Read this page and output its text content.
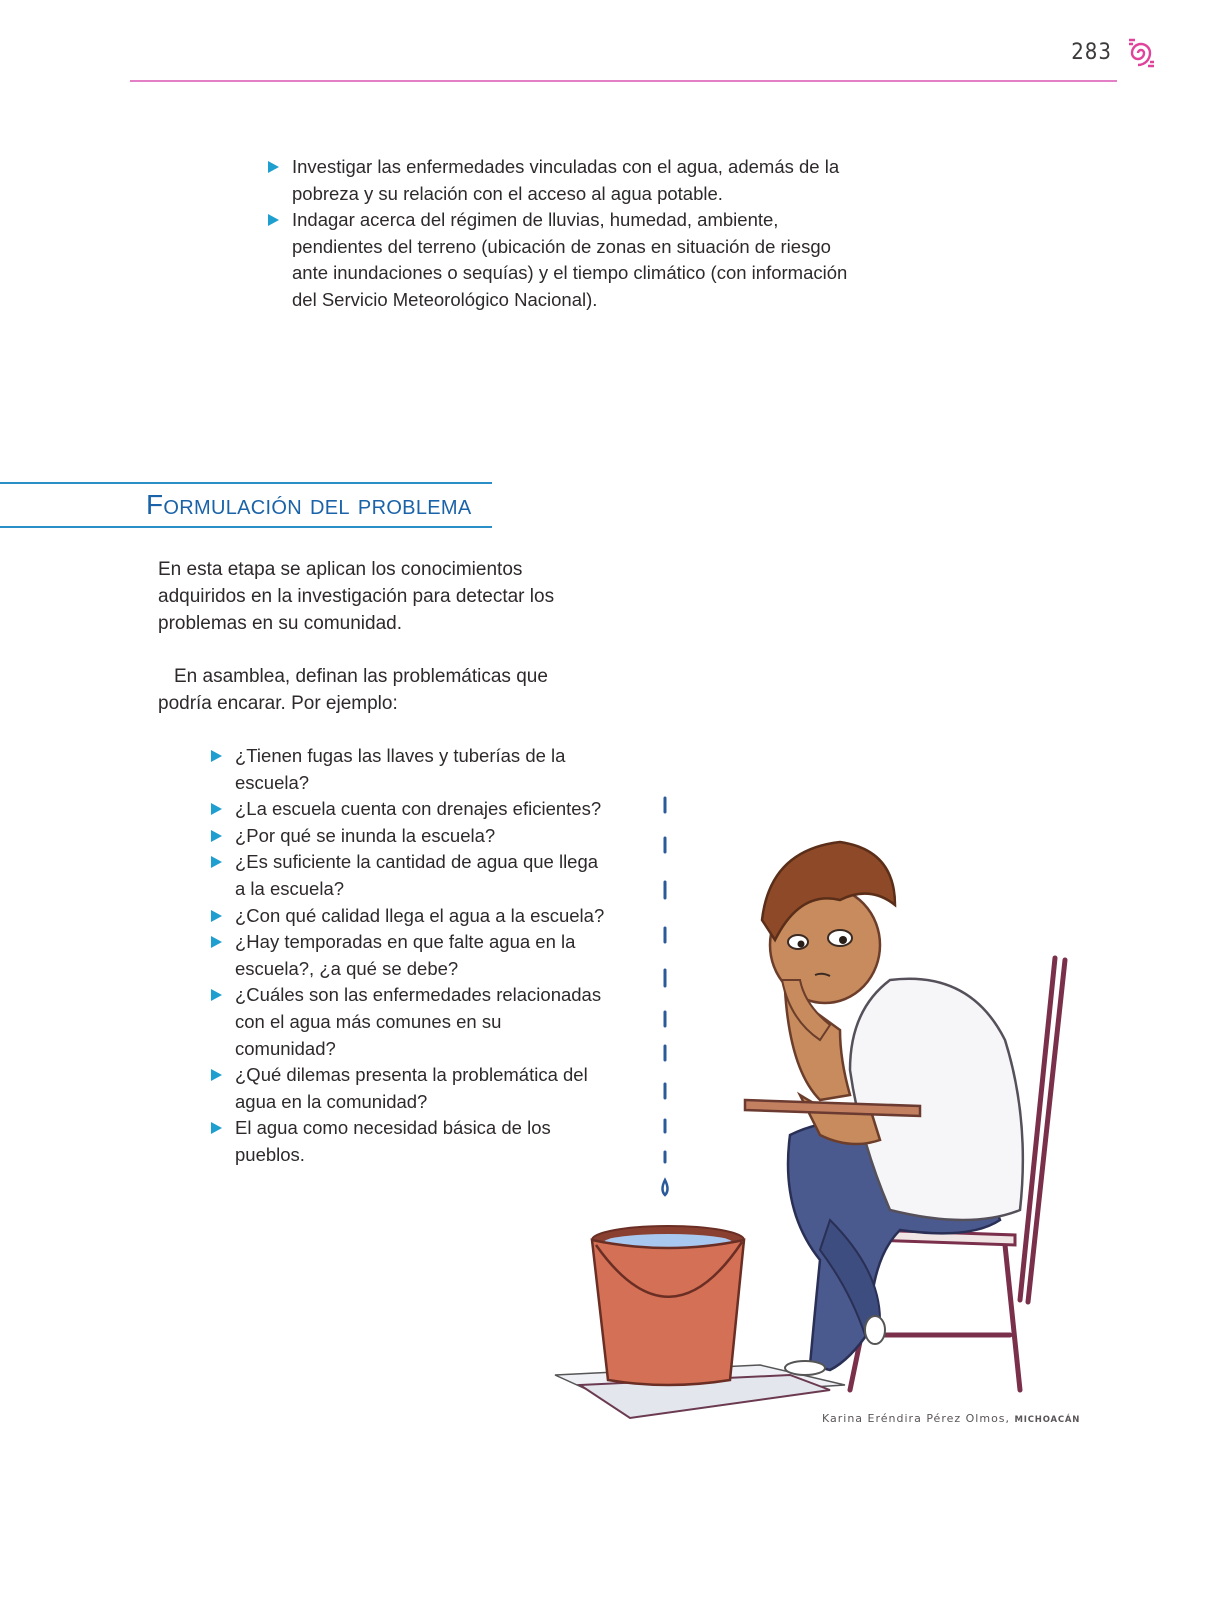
283
Investigar las enfermedades vinculadas con el agua, además de la pobreza y su relación con el acceso al agua potable.
Indagar acerca del régimen de lluvias, humedad, ambiente, pendientes del terreno (ubicación de zonas en situación de riesgo ante inundaciones o sequías) y el tiempo climático (con información del Servicio Meteorológico Nacional).
Formulación del problema

En esta etapa se aplican los conocimientos adquiridos en la investigación para detectar los problemas en su comunidad.

En asamblea, definan las problemáticas que podría encarar. Por ejemplo:

¿Tienen fugas las llaves y tuberías de la escuela?
¿La escuela cuenta con drenajes eficientes?
¿Por qué se inunda la escuela?
¿Es suficiente la cantidad de agua que llega a la escuela?
¿Con qué calidad llega el agua a la escuela?
¿Hay temporadas en que falte agua en la escuela?, ¿a qué se debe?
¿Cuáles son las enfermedades relacionadas con el agua más comunes en su comunidad?
¿Qué dilemas presenta la problemática del agua en la comunidad?
El agua como necesidad básica de los pueblos.
Karina Eréndira Pérez Olmos, MICHOACÁN
